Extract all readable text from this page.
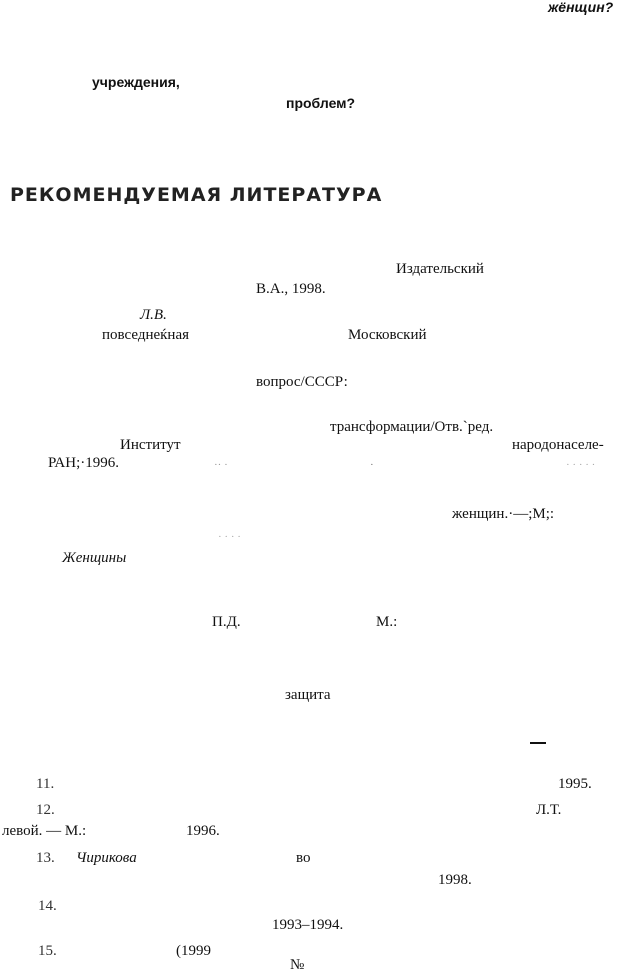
жёнщин?
учреждения,
проблем?
РЕКОМЕНДУЕМАЯ ЛИТЕРАТУРА
Издательский
В.А., 1998.
Л.В.
повседнеќная	Московский
вопрос/СССР:
трансформации/Отв.`ред.
Институт	народонаселе-
РАН;·1996.	·· ·	·	· · · · ·
женщин.·—;М;:
· · · ·
Женщины
П.Д.	М.:
защита
11.	1995.
12.	Л.Т.
левой. — М.:	1996.
13. Чирикова	во
1998.
14.
1993–1994.
15.	(1999
№
